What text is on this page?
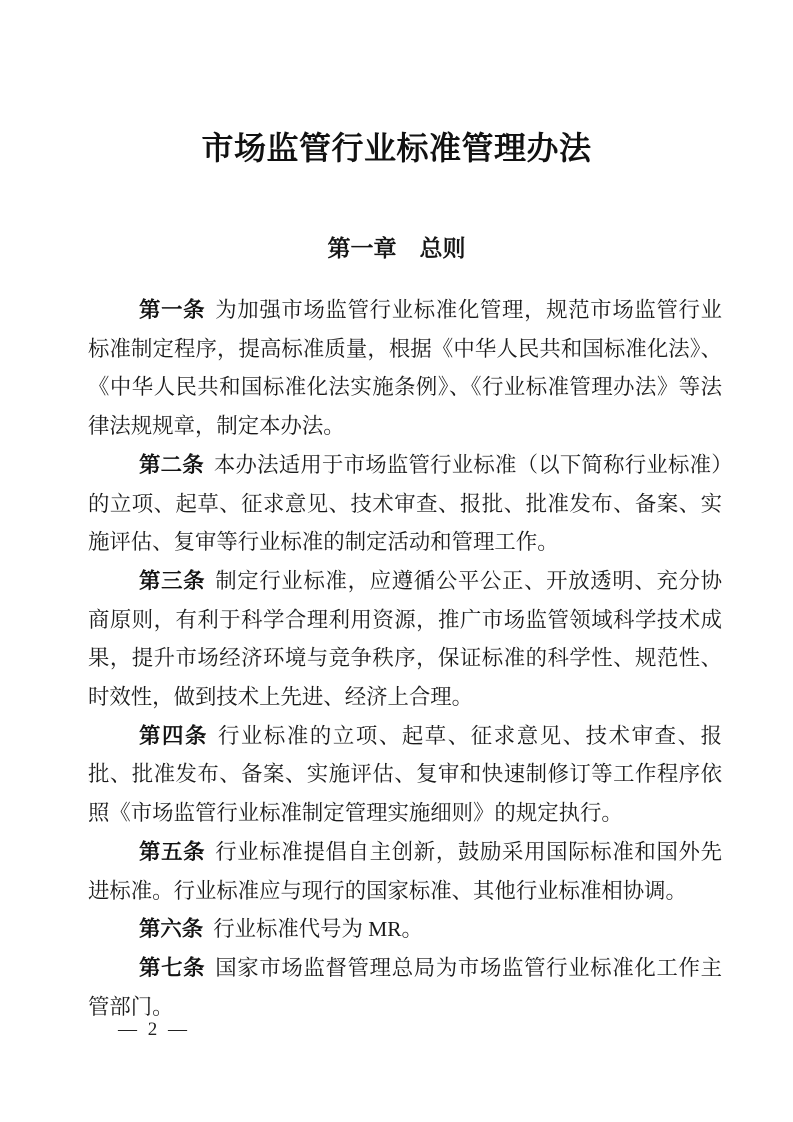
市场监管行业标准管理办法
第一章 总则

第一条 为加强市场监管行业标准化管理，规范市场监管行业标准制定程序，提高标准质量，根据《中华人民共和国标准化法》、《中华人民共和国标准化法实施条例》、《行业标准管理办法》等法律法规规章，制定本办法。

第二条 本办法适用于市场监管行业标准（以下简称行业标准）的立项、起草、征求意见、技术审查、报批、批准发布、备案、实施评估、复审等行业标准的制定活动和管理工作。

第三条 制定行业标准，应遵循公平公正、开放透明、充分协商原则，有利于科学合理利用资源，推广市场监管领域科学技术成果，提升市场经济环境与竞争秩序，保证标准的科学性、规范性、时效性，做到技术上先进、经济上合理。

第四条 行业标准的立项、起草、征求意见、技术审查、报批、批准发布、备案、实施评估、复审和快速制修订等工作程序依照《市场监管行业标准制定管理实施细则》的规定执行。

第五条 行业标准提倡自主创新，鼓励采用国际标准和国外先进标准。行业标准应与现行的国家标准、其他行业标准相协调。

第六条 行业标准代号为 MR。

第七条 国家市场监督管理总局为市场监管行业标准化工作主管部门。

— 2 —
